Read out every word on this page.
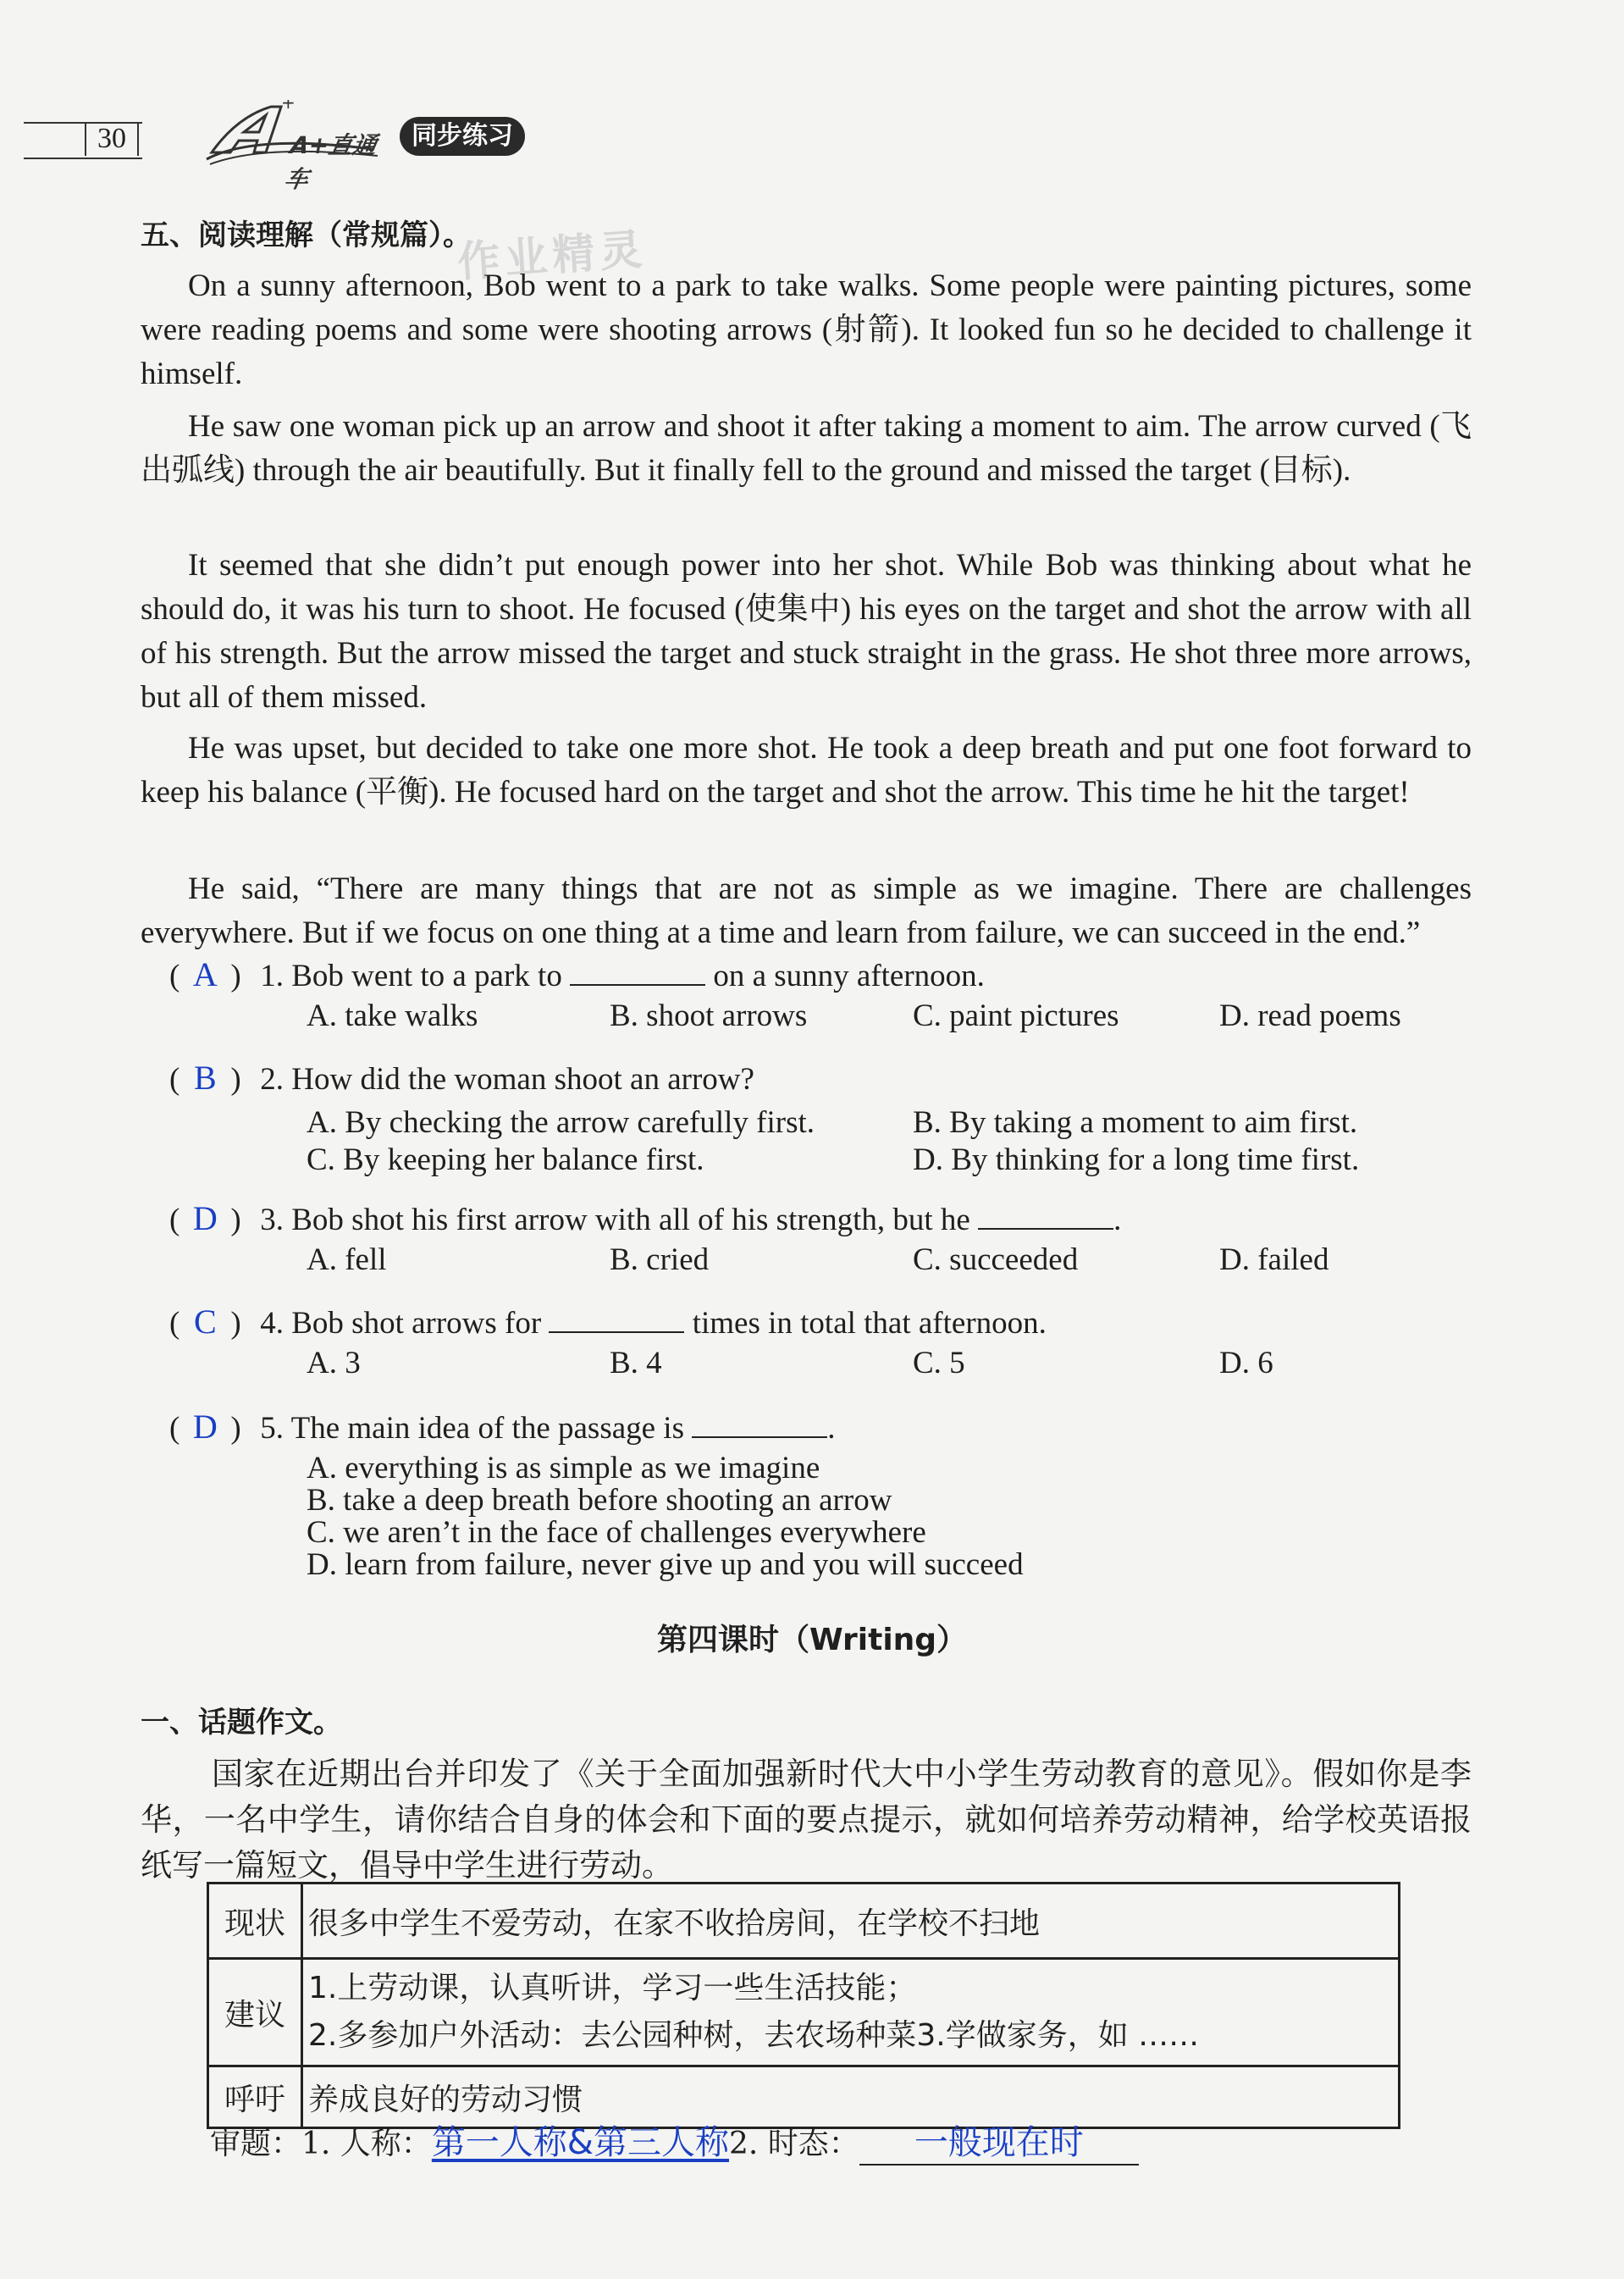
30
+
A+直通车
同步练习
作业精灵
五、阅读理解（常规篇）。
On a sunny afternoon, Bob went to a park to take walks. Some people were painting pictures, some were reading poems and some were shooting arrows (射箭). It looked fun so he decided to challenge it himself.
He saw one woman pick up an arrow and shoot it after taking a moment to aim. The arrow curved (飞出弧线) through the air beautifully. But it finally fell to the ground and missed the target (目标).
It seemed that she didn’t put enough power into her shot. While Bob was thinking about what he should do, it was his turn to shoot. He focused (使集中) his eyes on the target and shot the arrow with all of his strength. But the arrow missed the target and stuck straight in the grass. He shot three more arrows, but all of them missed.
He was upset, but decided to take one more shot. He took a deep breath and put one foot forward to keep his balance (平衡). He focused hard on the target and shot the arrow. This time he hit the target!
He said, “There are many things that are not as simple as we imagine. There are challenges everywhere. But if we focus on one thing at a time and learn from failure, we can succeed in the end.”
( A ) 1. Bob went to a park to	on a sunny afternoon.
A. take walks	B. shoot arrows	C. paint pictures	D. read poems
( B ) 2. How did the woman shoot an arrow?
A. By checking the arrow carefully first.	B. By taking a moment to aim first.
C. By keeping her balance first.	D. By thinking for a long time first.
( D ) 3. Bob shot his first arrow with all of his strength, but he	.
A. fell	B. cried	C. succeeded	D. failed
( C ) 4. Bob shot arrows for	times in total that afternoon.
A. 3	B. 4	C. 5	D. 6
( D ) 5. The main idea of the passage is	.
A. everything is as simple as we imagine
B. take a deep breath before shooting an arrow
C. we aren’t in the face of challenges everywhere
D. learn from failure, never give up and you will succeed
第四课时（Writing）
一、话题作文。
国家在近期出台并印发了《关于全面加强新时代大中小学生劳动教育的意见》。假如你是李华，一名中学生，请你结合自身的体会和下面的要点提示，就如何培养劳动精神，给学校英语报纸写一篇短文，倡导中学生进行劳动。
现状	很多中学生不爱劳动，在家不收拾房间，在学校不扫地
建议	1.上劳动课，认真听讲，学习一些生活技能；
2.多参加户外活动：去公园种树，去农场种菜3.学做家务，如 ……

呼吁	养成良好的劳动习惯
审题：1. 人称：第一人称&第三人称2. 时态： 一般现在时
